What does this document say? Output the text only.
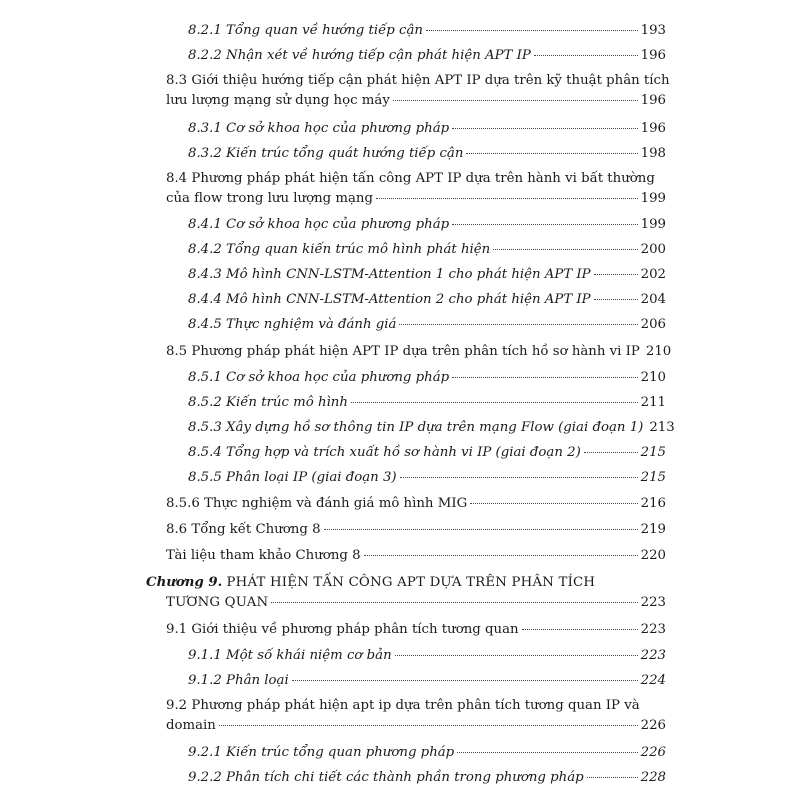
8.2.1 Tổng quan về hướng tiếp cận	193
8.2.2 Nhận xét về hướng tiếp cận phát hiện APT IP	196
8.3 Giới thiệu hướng tiếp cận phát hiện APT IP dựa trên kỹ thuật phân tích
lưu lượng mạng sử dụng học máy	196
8.3.1 Cơ sở khoa học của phương pháp	196
8.3.2 Kiến trúc tổng quát hướng tiếp cận	198
8.4 Phương pháp phát hiện tấn công APT IP dựa trên hành vi bất thường
của flow trong lưu lượng mạng	199
8.4.1 Cơ sở khoa học của phương pháp	199
8.4.2 Tổng quan kiến trúc mô hình phát hiện	200
8.4.3 Mô hình CNN-LSTM-Attention 1 cho phát hiện APT IP	202
8.4.4 Mô hình CNN-LSTM-Attention 2 cho phát hiện APT IP	204
8.4.5 Thực nghiệm và đánh giá	206
8.5 Phương pháp phát hiện APT IP dựa trên phân tích hồ sơ hành vi IP 210
8.5.1 Cơ sở khoa học của phương pháp	210
8.5.2 Kiến trúc mô hình	211
8.5.3 Xây dựng hồ sơ thông tin IP dựa trên mạng Flow (giai đoạn 1) 213
8.5.4 Tổng hợp và trích xuất hồ sơ hành vi IP (giai đoạn 2)	215
8.5.5 Phân loại IP (giai đoạn 3)	215
8.5.6 Thực nghiệm và đánh giá mô hình MIG	216
8.6 Tổng kết Chương 8	219
Tài liệu tham khảo Chương 8	220
Chương 9. PHÁT HIỆN TẤN CÔNG APT DỰA TRÊN PHÂN TÍCH
TƯƠNG QUAN	223
9.1 Giới thiệu về phương pháp phân tích tương quan	223
9.1.1 Một số khái niệm cơ bản	223
9.1.2 Phân loại	224
9.2 Phương pháp phát hiện apt ip dựa trên phân tích tương quan IP và
domain	226
9.2.1 Kiến trúc tổng quan phương pháp	226
9.2.2 Phân tích chi tiết các thành phần trong phương pháp	228
